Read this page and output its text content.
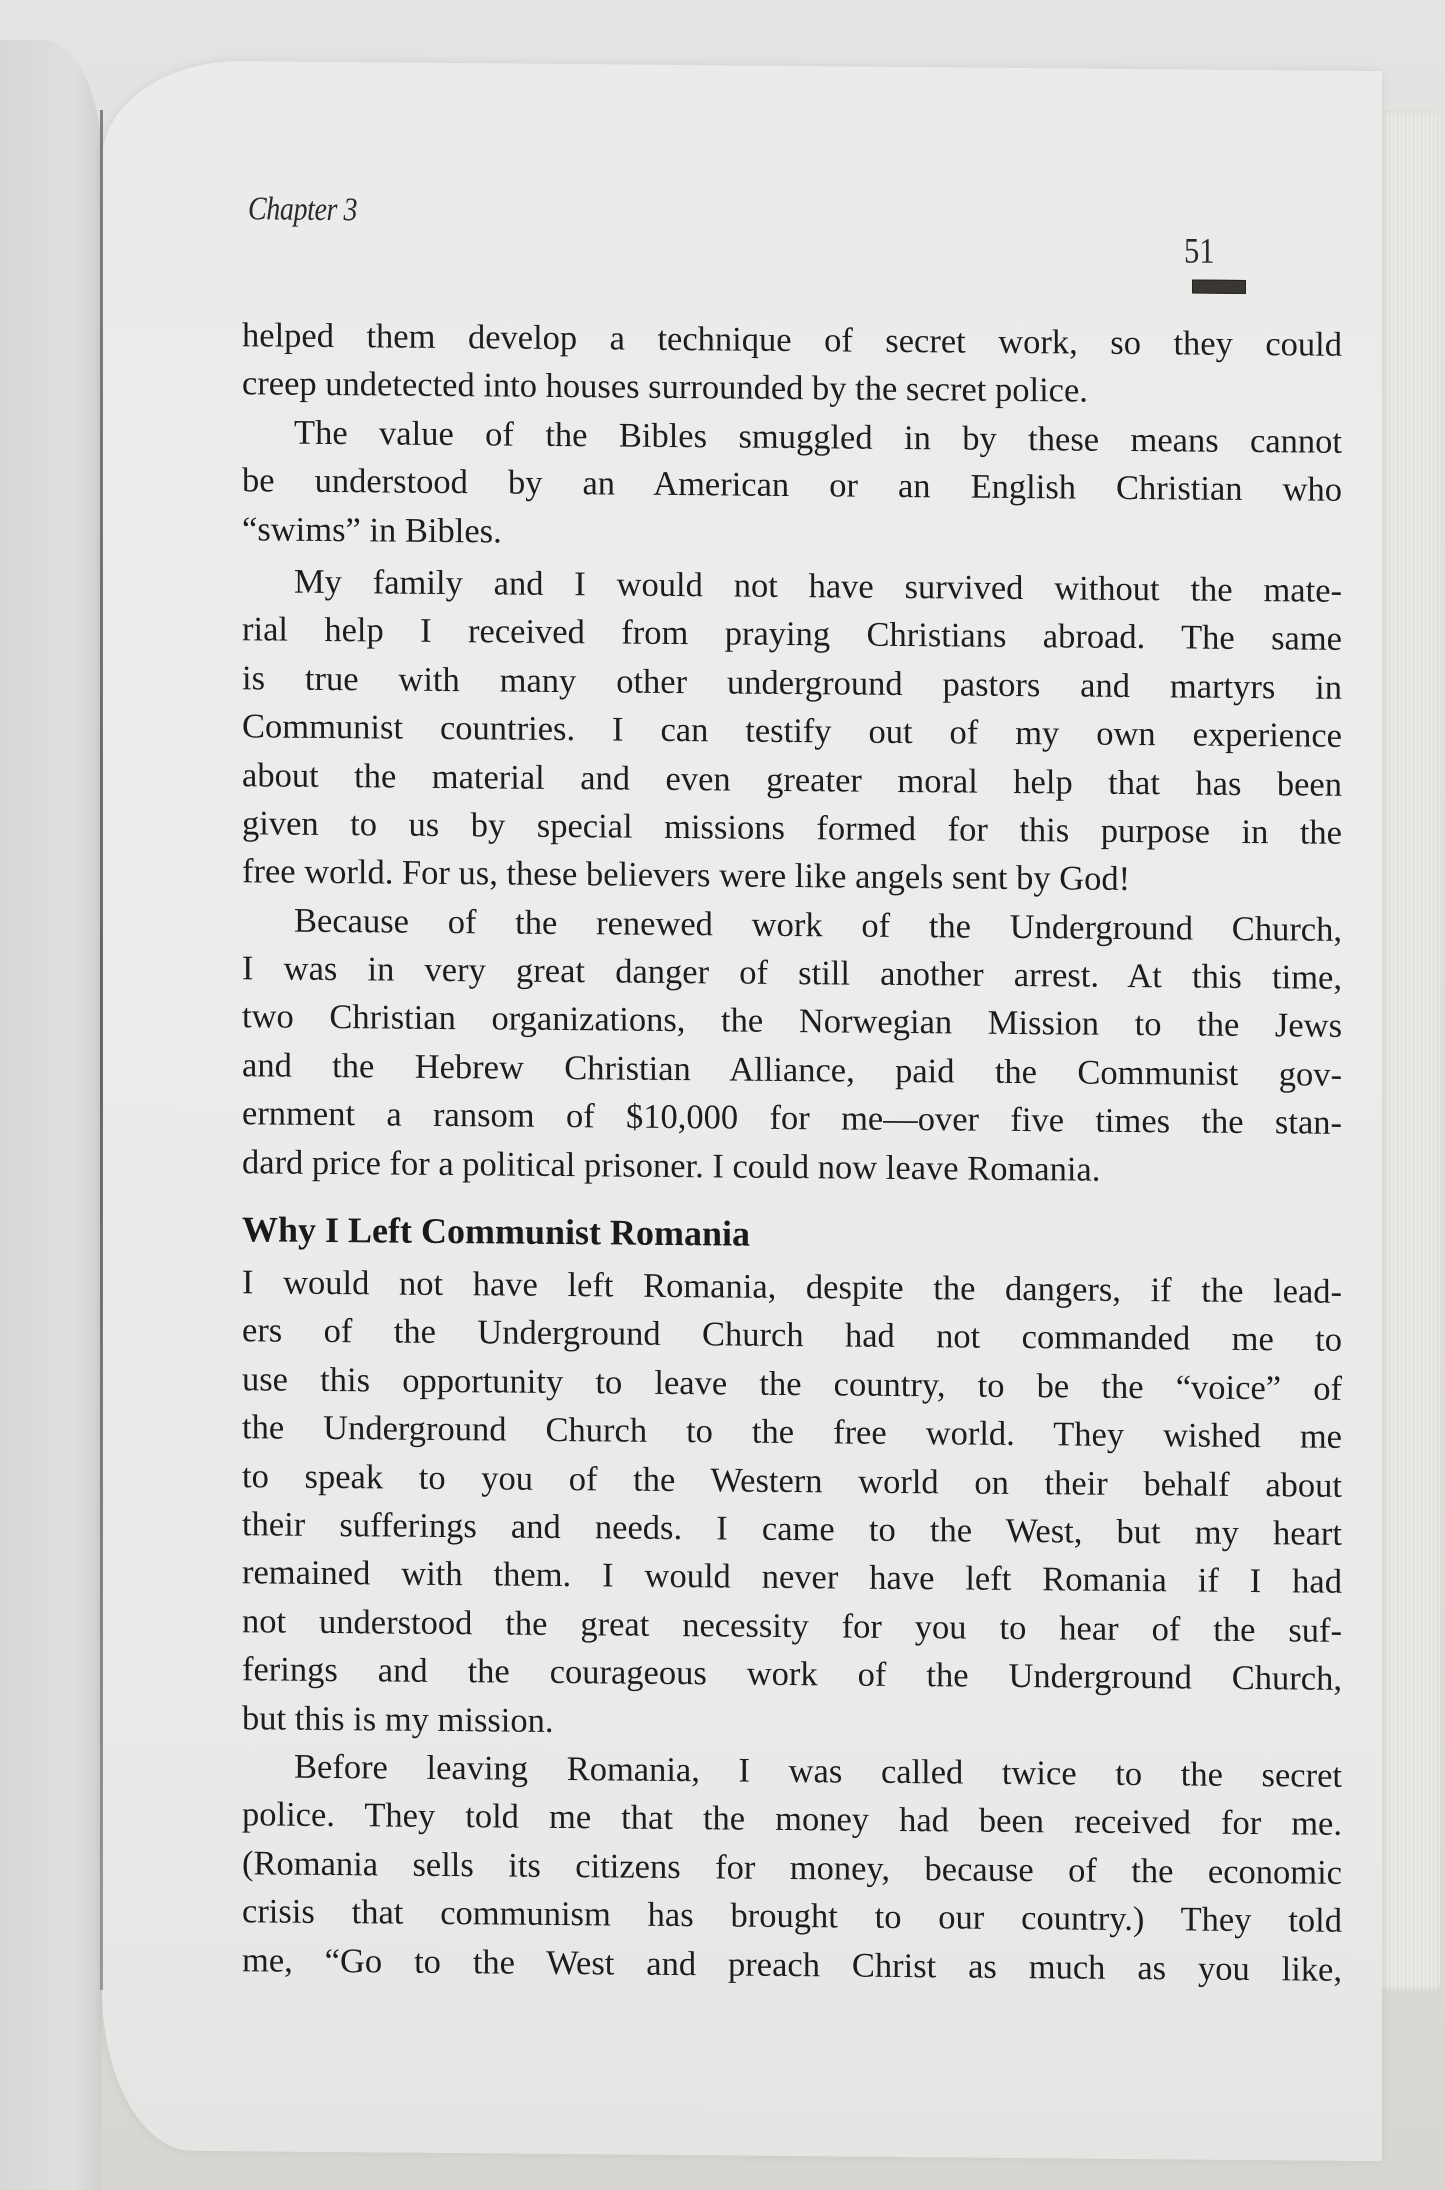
Chapter 3
51
helped them develop a technique of secret work, so they could
creep undetected into houses surrounded by the secret police.
The value of the Bibles smuggled in by these means cannot
be understood by an American or an English Christian who
“swims” in Bibles.
My family and I would not have survived without the mate-
rial help I received from praying Christians abroad. The same
is true with many other underground pastors and martyrs in
Communist countries. I can testify out of my own experience
about the material and even greater moral help that has been
given to us by special missions formed for this purpose in the
free world. For us, these believers were like angels sent by God!
Because of the renewed work of the Underground Church,
I was in very great danger of still another arrest. At this time,
two Christian organizations, the Norwegian Mission to the Jews
and the Hebrew Christian Alliance, paid the Communist gov-
ernment a ransom of $10,000 for me—over five times the stan-
dard price for a political prisoner. I could now leave Romania.
Why I Left Communist Romania
I would not have left Romania, despite the dangers, if the lead-
ers of the Underground Church had not commanded me to
use this opportunity to leave the country, to be the “voice” of
the Underground Church to the free world. They wished me
to speak to you of the Western world on their behalf about
their sufferings and needs. I came to the West, but my heart
remained with them. I would never have left Romania if I had
not understood the great necessity for you to hear of the suf-
ferings and the courageous work of the Underground Church,
but this is my mission.
Before leaving Romania, I was called twice to the secret
police. They told me that the money had been received for me.
(Romania sells its citizens for money, because of the economic
crisis that communism has brought to our country.) They told
me, “Go to the West and preach Christ as much as you like,
